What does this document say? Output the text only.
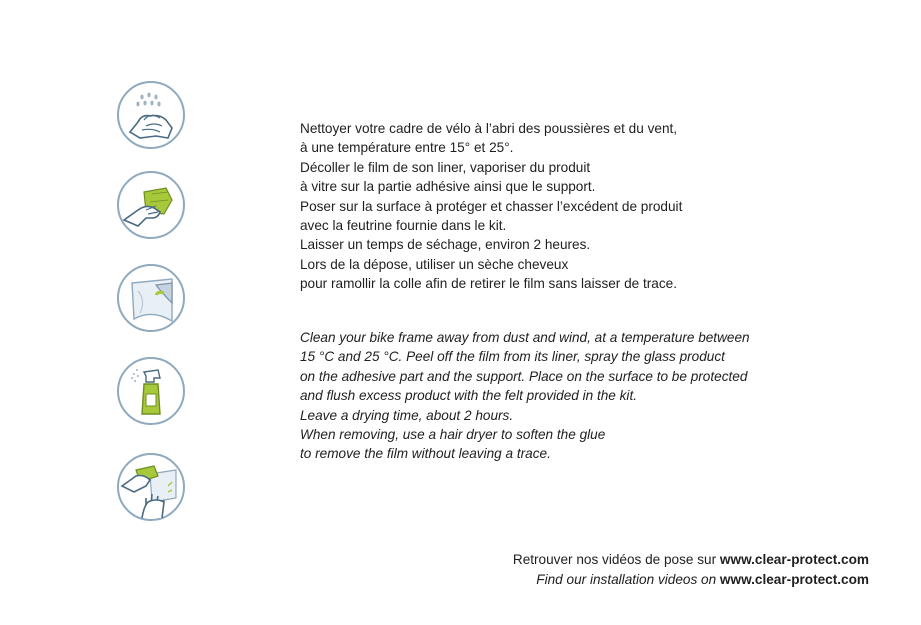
Nettoyer votre cadre de vélo à l’abri des poussières et du vent,

à une température entre 15° et 25°.

Décoller le film de son liner, vaporiser du produit

à vitre sur la partie adhésive ainsi que le support.

Poser sur la surface à protéger et chasser l’excédent de produit

avec la feutrine fournie dans le kit.

Laisser un temps de séchage, environ 2 heures.

Lors de la dépose, utiliser un sèche cheveux

pour ramollir la colle afin de retirer le film sans laisser de trace.

Clean your bike frame away from dust and wind, at a temperature between

15 °C and 25 °C. Peel off the film from its liner, spray the glass product

on the adhesive part and the support. Place on the surface to be protected

and flush excess product with the felt provided in the kit.

Leave a drying time, about 2 hours.

When removing, use a hair dryer to soften the glue

to remove the film without leaving a trace.

Retrouver nos vidéos de pose sur www.clear-protect.com

Find our installation videos on www.clear-protect.com
